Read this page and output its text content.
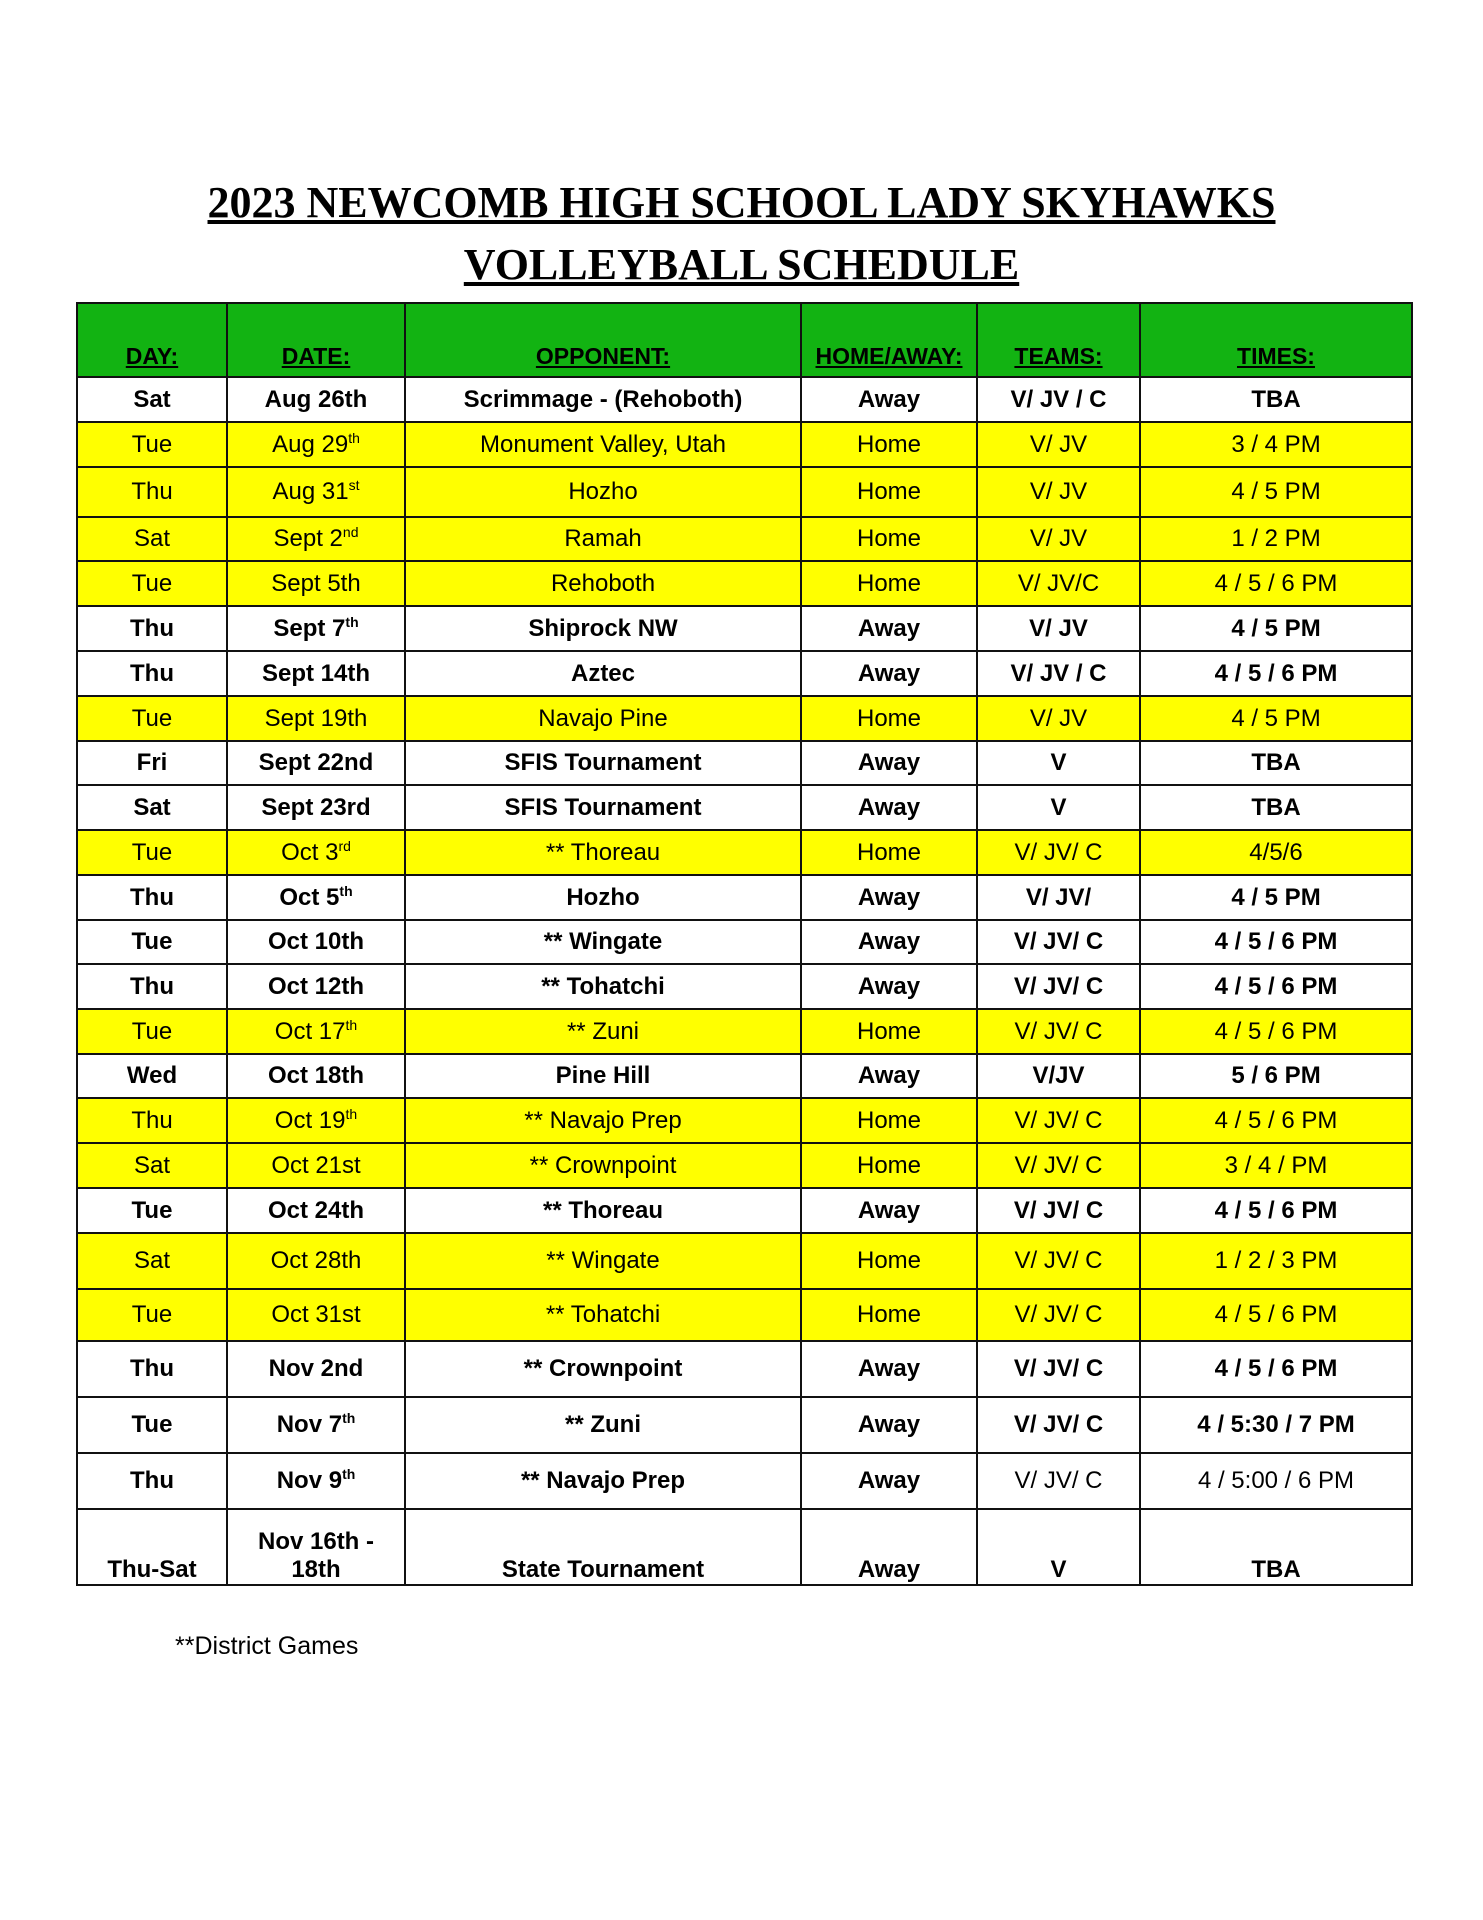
2023 NEWCOMB HIGH SCHOOL LADY SKYHAWKS
VOLLEYBALL SCHEDULE
DAY:	DATE:	OPPONENT:	HOME/AWAY:	TEAMS:	TIMES:
Sat	Aug 26th	Scrimmage - (Rehoboth)	Away	V/ JV / C	TBA
Tue	Aug 29th	Monument Valley, Utah	Home	V/ JV	3 / 4 PM
Thu	Aug 31st	Hozho	Home	V/ JV	4 / 5 PM
Sat	Sept 2nd	Ramah	Home	V/ JV	1 / 2 PM
Tue	Sept 5th	Rehoboth	Home	V/ JV/C	4 / 5 / 6 PM
Thu	Sept 7th	Shiprock NW	Away	V/ JV	4 / 5 PM
Thu	Sept 14th	Aztec	Away	V/ JV / C	4 / 5 / 6 PM
Tue	Sept 19th	Navajo Pine	Home	V/ JV	4 / 5 PM
Fri	Sept 22nd	SFIS Tournament	Away	V	TBA
Sat	Sept 23rd	SFIS Tournament	Away	V	TBA
Tue	Oct 3rd	** Thoreau	Home	V/ JV/ C	4/5/6
Thu	Oct 5th	Hozho	Away	V/ JV/	4 / 5 PM
Tue	Oct 10th	** Wingate	Away	V/ JV/ C	4 / 5 / 6 PM
Thu	Oct 12th	** Tohatchi	Away	V/ JV/ C	4 / 5 / 6 PM
Tue	Oct 17th	** Zuni	Home	V/ JV/ C	4 / 5 / 6 PM
Wed	Oct 18th	Pine Hill	Away	V/JV	5 / 6 PM
Thu	Oct 19th	** Navajo Prep	Home	V/ JV/ C	4 / 5 / 6 PM
Sat	Oct 21st	** Crownpoint	Home	V/ JV/ C	3 / 4 / PM
Tue	Oct 24th	** Thoreau	Away	V/ JV/ C	4 / 5 / 6 PM
Sat	Oct 28th	** Wingate	Home	V/ JV/ C	1 / 2 / 3 PM
Tue	Oct 31st	** Tohatchi	Home	V/ JV/ C	4 / 5 / 6 PM
Thu	Nov 2nd	** Crownpoint	Away	V/ JV/ C	4 / 5 / 6 PM
Tue	Nov 7th	** Zuni	Away	V/ JV/ C	4 / 5:30 / 7 PM
Thu	Nov 9th	** Navajo Prep	Away	V/ JV/ C	4 / 5:00 / 6 PM
Thu-Sat	Nov 16th - 18th	State Tournament	Away	V	TBA
**District Games
